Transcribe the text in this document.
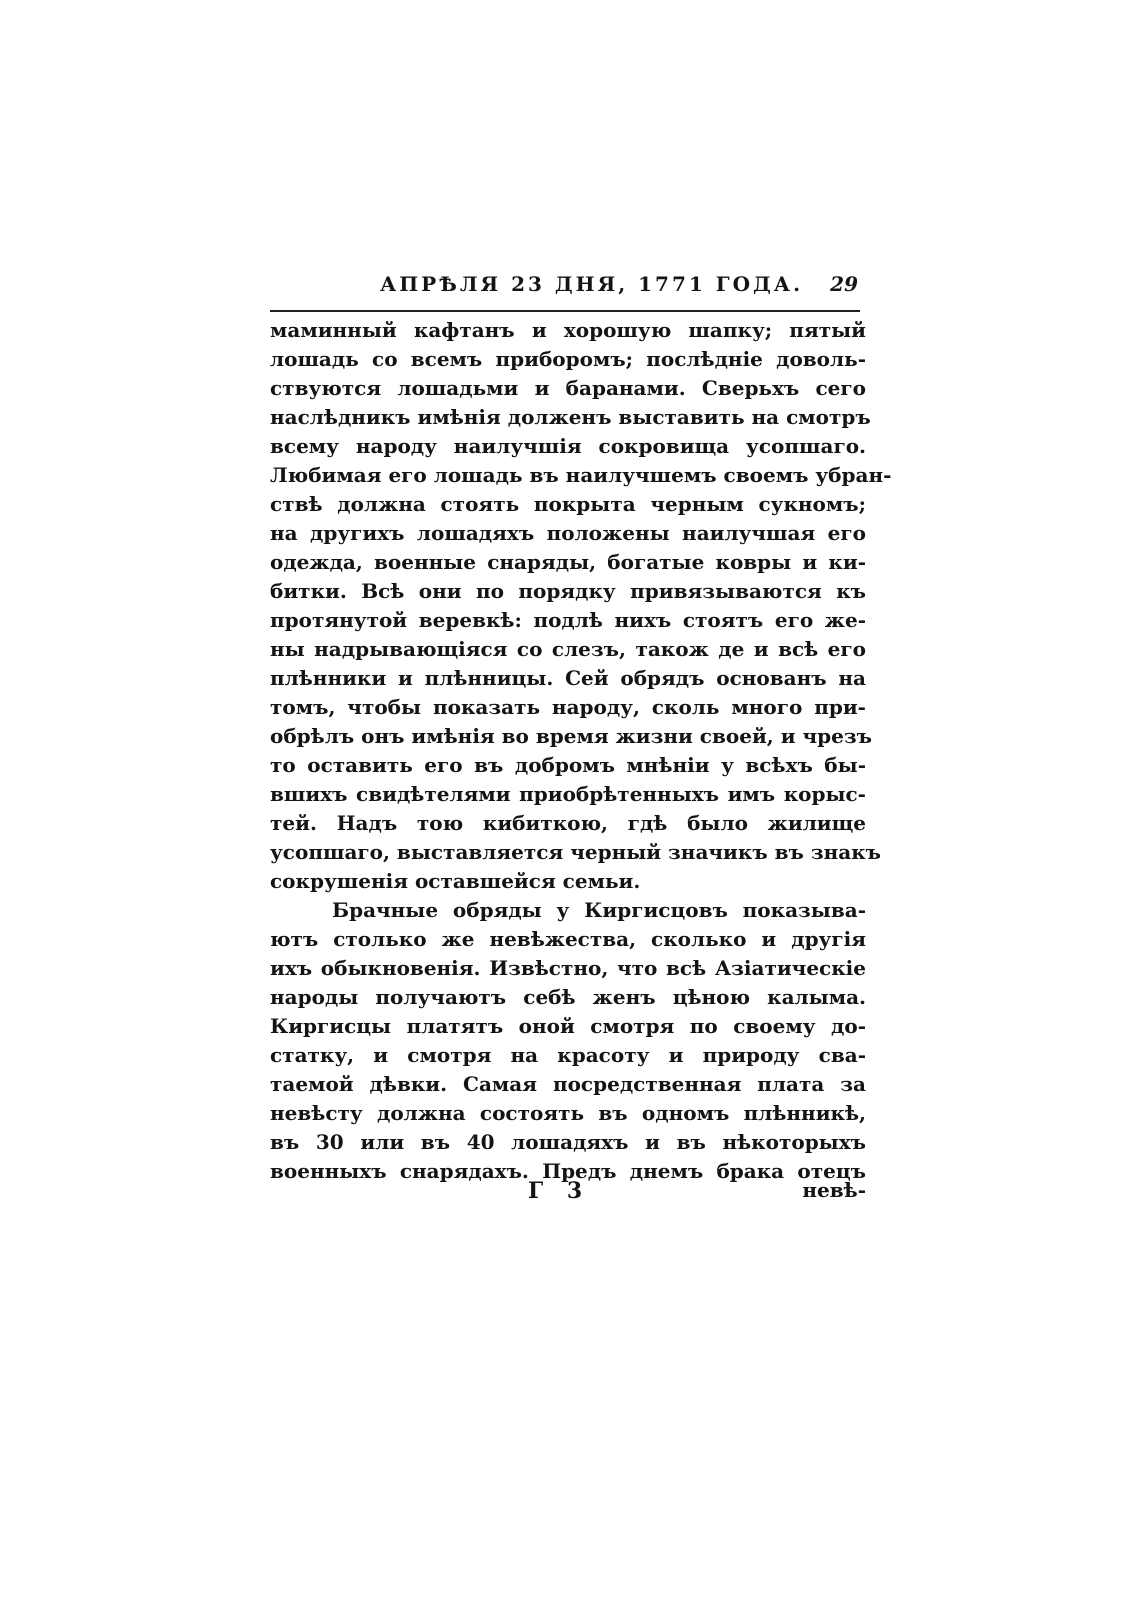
АПРѢЛЯ 23 ДНЯ, 1771 ГОДА. 29
маминный кафтанъ и хорошую шапку; пятый
лошадь со всемъ приборомъ; послѣдніе доволь-
ствуются лошадьми и баранами. Сверьхъ сего
наслѣдникъ имѣнія долженъ выставить на смотръ
всему народу наилучшія сокровища усопшаго.
Любимая его лошадь въ наилучшемъ своемъ убран-
ствѣ должна стоять покрыта черным сукномъ;
на другихъ лошадяхъ положены наилучшая его
одежда, военные снаряды, богатые ковры и ки-
битки. Всѣ они по порядку привязываются къ
протянутой веревкѣ: подлѣ нихъ стоятъ его же-
ны надрывающіяся со слезъ, також де и всѣ его
плѣнники и плѣнницы. Сей обрядъ основанъ на
томъ, чтобы показать народу, сколь много при-
обрѣлъ онъ имѣнія во время жизни своей, и чрезъ
то оставить его въ добромъ мнѣніи у всѣхъ бы-
вшихъ свидѣтелями приобрѣтенныхъ имъ корыс-
тей. Надъ тою кибиткою, гдѣ было жилище
усопшаго, выставляется черный значикъ въ знакъ
сокрушенія оставшейся семьи.
Брачные обряды у Киргисцовъ показыва-
ютъ столько же невѣжества, сколько и другія
ихъ обыкновенія. Извѣстно, что всѣ Азіатическіе
народы получаютъ себѣ женъ цѣною калыма.
Киргисцы платятъ оной смотря по своему до-
статку, и смотря на красоту и природу сва-
таемой дѣвки. Самая посредственная плата за
невѣсту должна состоять въ одномъ плѣнникѣ,
въ 30 или въ 40 лошадяхъ и въ нѣкоторыхъ
военныхъ снарядахъ. Предъ днемъ брака отецъ
Г 3	невѣ-
